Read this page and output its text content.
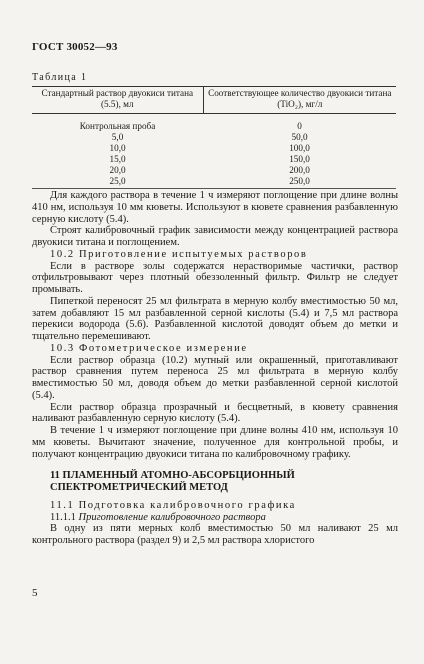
ГОСТ 30052—93
Таблица 1
Стандартный раствор двуокиси титана (5.5), мл	Соответствующее количество двуокиси титана (TiO₂), мг/л
Контрольная проба	0
5,0	50,0
10,0	100,0
15,0	150,0
20,0	200,0
25,0	250,0

Для каждого раствора в течение 1 ч измеряют поглощение при длине волны 410 нм, используя 10 мм кюветы. Используют в кювете сравнения разбавленную серную кислоту (5.4).

Строят калибровочный график зависимости между концентрацией раствора двуокиси титана и поглощением.

10.2 Приготовление испытуемых растворов

Если в растворе золы содержатся нерастворимые частички, раствор отфильтровывают через плотный обеззоленный фильтр. Фильтр не следует промывать.

Пипеткой переносят 25 мл фильтрата в мерную колбу вместимостью 50 мл, затем добавляют 15 мл разбавленной серной кислоты (5.4) и 7,5 мл раствора перекиси водорода (5.6). Разбавленной кислотой доводят объем до метки и тщательно перемешивают.

10.3 Фотометрическое измерение

Если раствор образца (10.2) мутный или окрашенный, приготавливают раствор сравнения путем переноса 25 мл фильтрата в мерную колбу вместимостью 50 мл, доводя объем до метки разбавленной серной кислотой (5.4).

Если раствор образца прозрачный и бесцветный, в кювету сравнения наливают разбавленную серную кислоту (5.4).

В течение 1 ч измеряют поглощение при длине волны 410 нм, используя 10 мм кюветы. Вычитают значение, полученное для контрольной пробы, и получают концентрацию двуокиси титана по калибровочному графику.

11 ПЛАМЕННЫЙ АТОМНО-АБСОРБЦИОННЫЙ
СПЕКТРОМЕТРИЧЕСКИЙ МЕТОД

11.1 Подготовка калибровочного графика

11.1.1 Приготовление калибровочного раствора

В одну из пяти мерных колб вместимостью 50 мл наливают 25 мл контрольного раствора (раздел 9) и 2,5 мл раствора хлористого

5
